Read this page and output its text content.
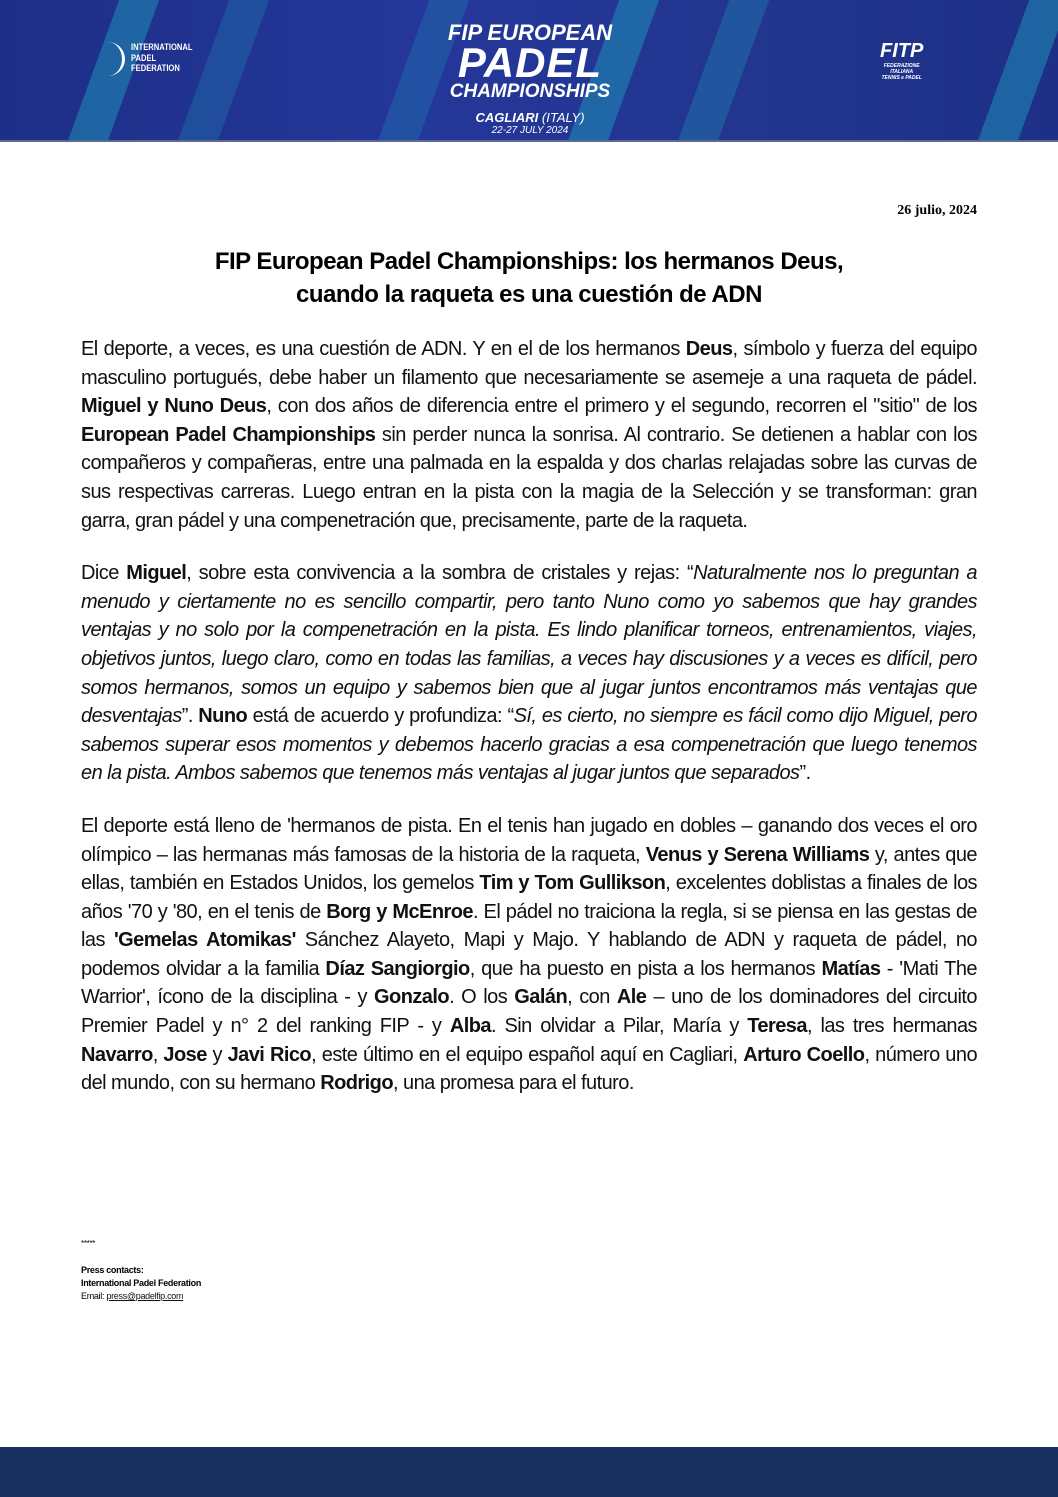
INTERNATIONAL
PADEL
FEDERATION
FIP EUROPEAN
PADEL
CHAMPIONSHIPS
CAGLIARI (ITALY)
22-27 JULY 2024
FITP
FEDERAZIONE
ITALIANA
TENNIS e PADEL
26 julio, 2024
FIP European Padel Championships: los hermanos Deus,
cuando la raqueta es una cuestión de ADN

El deporte, a veces, es una cuestión de ADN. Y en el de los hermanos Deus, símbolo y fuerza del equipo masculino portugués, debe haber un filamento que necesariamente se asemeje a una raqueta de pádel. Miguel y Nuno Deus, con dos años de diferencia entre el primero y el segundo, recorren el "sitio" de los European Padel Championships sin perder nunca la sonrisa. Al contrario. Se detienen a hablar con los compañeros y compañeras, entre una palmada en la espalda y dos charlas relajadas sobre las curvas de sus respectivas carreras. Luego entran en la pista con la magia de la Selección y se transforman: gran garra, gran pádel y una compenetración que, precisamente, parte de la raqueta.

Dice Miguel, sobre esta convivencia a la sombra de cristales y rejas: “Naturalmente nos lo preguntan a menudo y ciertamente no es sencillo compartir, pero tanto Nuno como yo sabemos que hay grandes ventajas y no solo por la compenetración en la pista. Es lindo planificar torneos, entrenamientos, viajes, objetivos juntos, luego claro, como en todas las familias, a veces hay discusiones y a veces es difícil, pero somos hermanos, somos un equipo y sabemos bien que al jugar juntos encontramos más ventajas que desventajas”. Nuno está de acuerdo y profundiza: “Sí, es cierto, no siempre es fácil como dijo Miguel, pero sabemos superar esos momentos y debemos hacerlo gracias a esa compenetración que luego tenemos en la pista. Ambos sabemos que tenemos más ventajas al jugar juntos que separados”.

El deporte está lleno de 'hermanos de pista. En el tenis han jugado en dobles – ganando dos veces el oro olímpico – las hermanas más famosas de la historia de la raqueta, Venus y Serena Williams y, antes que ellas, también en Estados Unidos, los gemelos Tim y Tom Gullikson, excelentes doblistas a finales de los años '70 y '80, en el tenis de Borg y McEnroe. El pádel no traiciona la regla, si se piensa en las gestas de las 'Gemelas Atomikas' Sánchez Alayeto, Mapi y Majo. Y hablando de ADN y raqueta de pádel, no podemos olvidar a la familia Díaz Sangiorgio, que ha puesto en pista a los hermanos Matías - 'Mati The Warrior', ícono de la disciplina - y Gonzalo. O los Galán, con Ale – uno de los dominadores del circuito Premier Padel y n° 2 del ranking FIP - y Alba. Sin olvidar a Pilar, María y Teresa, las tres hermanas Navarro, Jose y Javi Rico, este último en el equipo español aquí en Cagliari, Arturo Coello, número uno del mundo, con su hermano Rodrigo, una promesa para el futuro.

*****
Press contacts:
International Padel Federation
Email: press@padelfip.com
